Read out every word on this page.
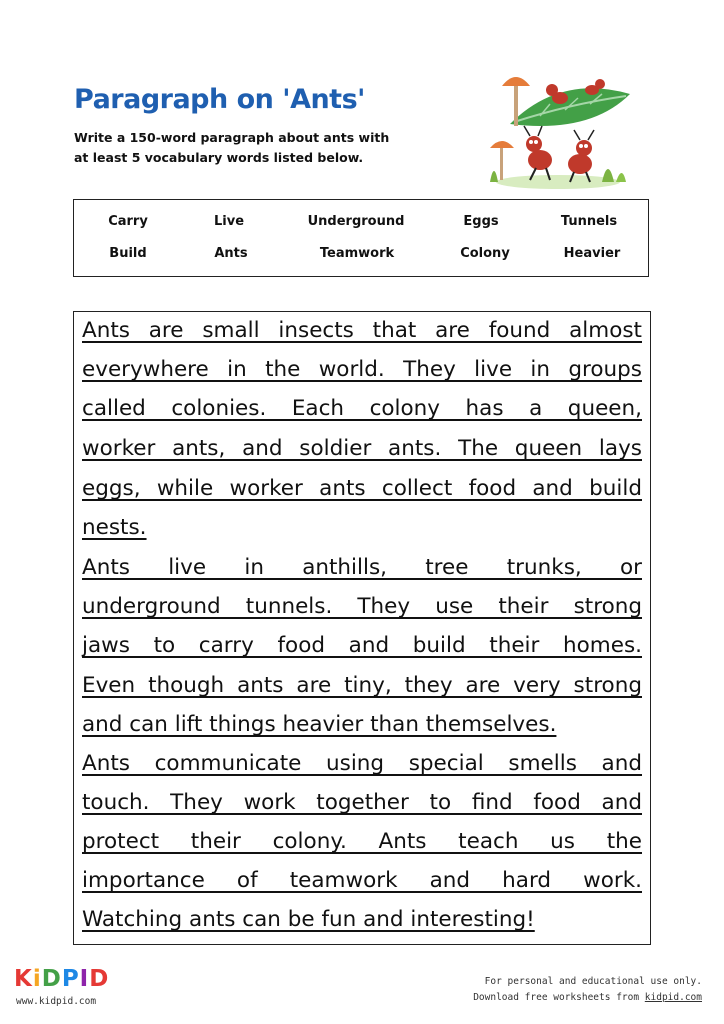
Paragraph on 'Ants'
Write a 150-word paragraph about ants with at least 5 vocabulary words listed below.
Carry	Live	Underground	Eggs	Tunnels
Build	Ants	Teamwork	Colony	Heavier
Ants are small insects that are found almost
everywhere in the world. They live in groups
called colonies. Each colony has a queen,
worker ants, and soldier ants. The queen lays
eggs, while worker ants collect food and build
nests.
Ants live in anthills, tree trunks, or
underground tunnels. They use their strong
jaws to carry food and build their homes.
Even though ants are tiny, they are very strong
and can lift things heavier than themselves.
Ants communicate using special smells and
touch. They work together to find food and
protect their colony. Ants teach us the
importance of teamwork and hard work.
Watching ants can be fun and interesting!
KiDPID
www.kidpid.com
For personal and educational use only.
Download free worksheets from kidpid.com
